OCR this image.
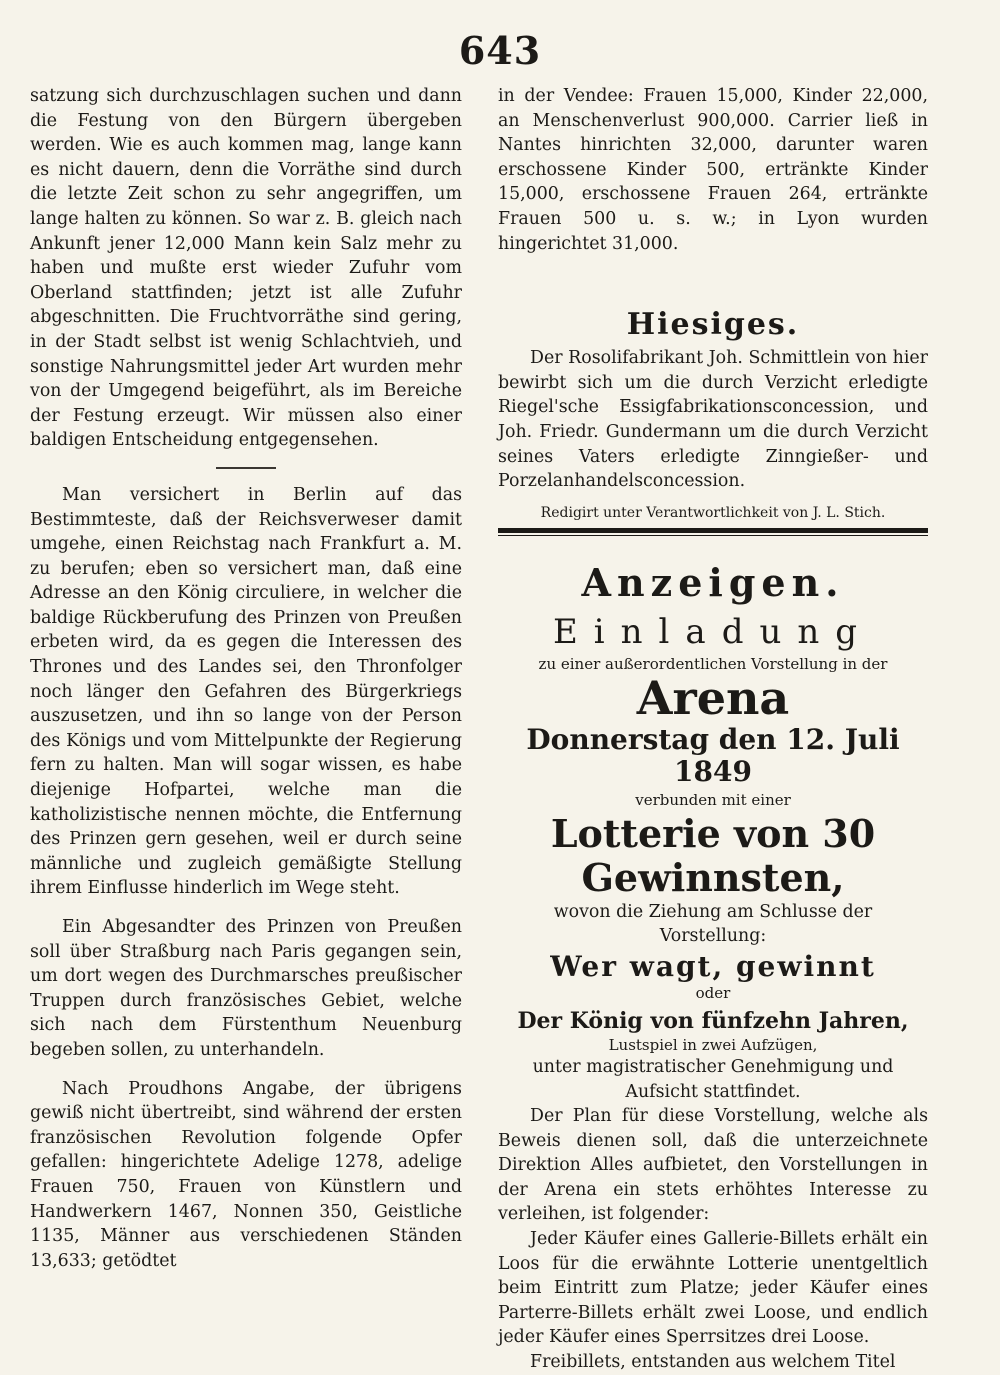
643

satzung sich durchzuschlagen suchen und dann die Festung von den Bürgern übergeben werden. Wie es auch kommen mag, lange kann es nicht dauern, denn die Vorräthe sind durch die letzte Zeit schon zu sehr angegriffen, um lange halten zu können. So war z. B. gleich nach Ankunft jener 12,000 Mann kein Salz mehr zu haben und mußte erst wieder Zufuhr vom Oberland stattfinden; jetzt ist alle Zufuhr abgeschnitten. Die Fruchtvorräthe sind gering, in der Stadt selbst ist wenig Schlachtvieh, und sonstige Nahrungsmittel jeder Art wurden mehr von der Umgegend beigeführt, als im Bereiche der Festung erzeugt. Wir müssen also einer baldigen Entscheidung entgegensehen.

Man versichert in Berlin auf das Bestimmteste, daß der Reichsverweser damit umgehe, einen Reichstag nach Frankfurt a. M. zu berufen; eben so versichert man, daß eine Adresse an den König circuliere, in welcher die baldige Rückberufung des Prinzen von Preußen erbeten wird, da es gegen die Interessen des Thrones und des Landes sei, den Thronfolger noch länger den Gefahren des Bürgerkriegs auszusetzen, und ihn so lange von der Person des Königs und vom Mittelpunkte der Regierung fern zu halten. Man will sogar wissen, es habe diejenige Hofpartei, welche man die katholizistische nennen möchte, die Entfernung des Prinzen gern gesehen, weil er durch seine männliche und zugleich gemäßigte Stellung ihrem Einflusse hinderlich im Wege steht.

Ein Abgesandter des Prinzen von Preußen soll über Straßburg nach Paris gegangen sein, um dort wegen des Durchmarsches preußischer Truppen durch französisches Gebiet, welche sich nach dem Fürstenthum Neuenburg begeben sollen, zu unterhandeln.

Nach Proudhons Angabe, der übrigens gewiß nicht übertreibt, sind während der ersten französischen Revolution folgende Opfer gefallen: hingerichtete Adelige 1278, adelige Frauen 750, Frauen von Künstlern und Handwerkern 1467, Nonnen 350, Geistliche 1135, Männer aus verschiedenen Ständen 13,633; getödtet

in der Vendee: Frauen 15,000, Kinder 22,000, an Menschenverlust 900,000. Carrier ließ in Nantes hinrichten 32,000, darunter waren erschossene Kinder 500, ertränkte Kinder 15,000, erschossene Frauen 264, ertränkte Frauen 500 u. s. w.; in Lyon wurden hingerichtet 31,000.

Hiesiges.

Der Rosolifabrikant Joh. Schmittlein von hier bewirbt sich um die durch Verzicht erledigte Riegel'sche Essigfabrikationsconcession, und Joh. Friedr. Gundermann um die durch Verzicht seines Vaters erledigte Zinngießer- und Porzelanhandelsconcession.

Redigirt unter Verantwortlichkeit von J. L. Stich.
Anzeigen.
Einladung
zu einer außerordentlichen Vorstellung in der
Arena
Donnerstag den 12. Juli 1849
verbunden mit einer
Lotterie von 30 Gewinnsten,
wovon die Ziehung am Schlusse der Vorstellung:
Wer wagt, gewinnt
oder
Der König von fünfzehn Jahren,
Lustspiel in zwei Aufzügen,
unter magistratischer Genehmigung und Aufsicht stattfindet.

Der Plan für diese Vorstellung, welche als Beweis dienen soll, daß die unterzeichnete Direktion Alles aufbietet, den Vorstellungen in der Arena ein stets erhöhtes Interesse zu verleihen, ist folgender:

Jeder Käufer eines Gallerie-Billets erhält ein Loos für die erwähnte Lotterie unentgeltlich beim Eintritt zum Platze; jeder Käufer eines Parterre-Billets erhält zwei Loose, und endlich jeder Käufer eines Sperrsitzes drei Loose.

Freibillets, entstanden aus welchem Titel
